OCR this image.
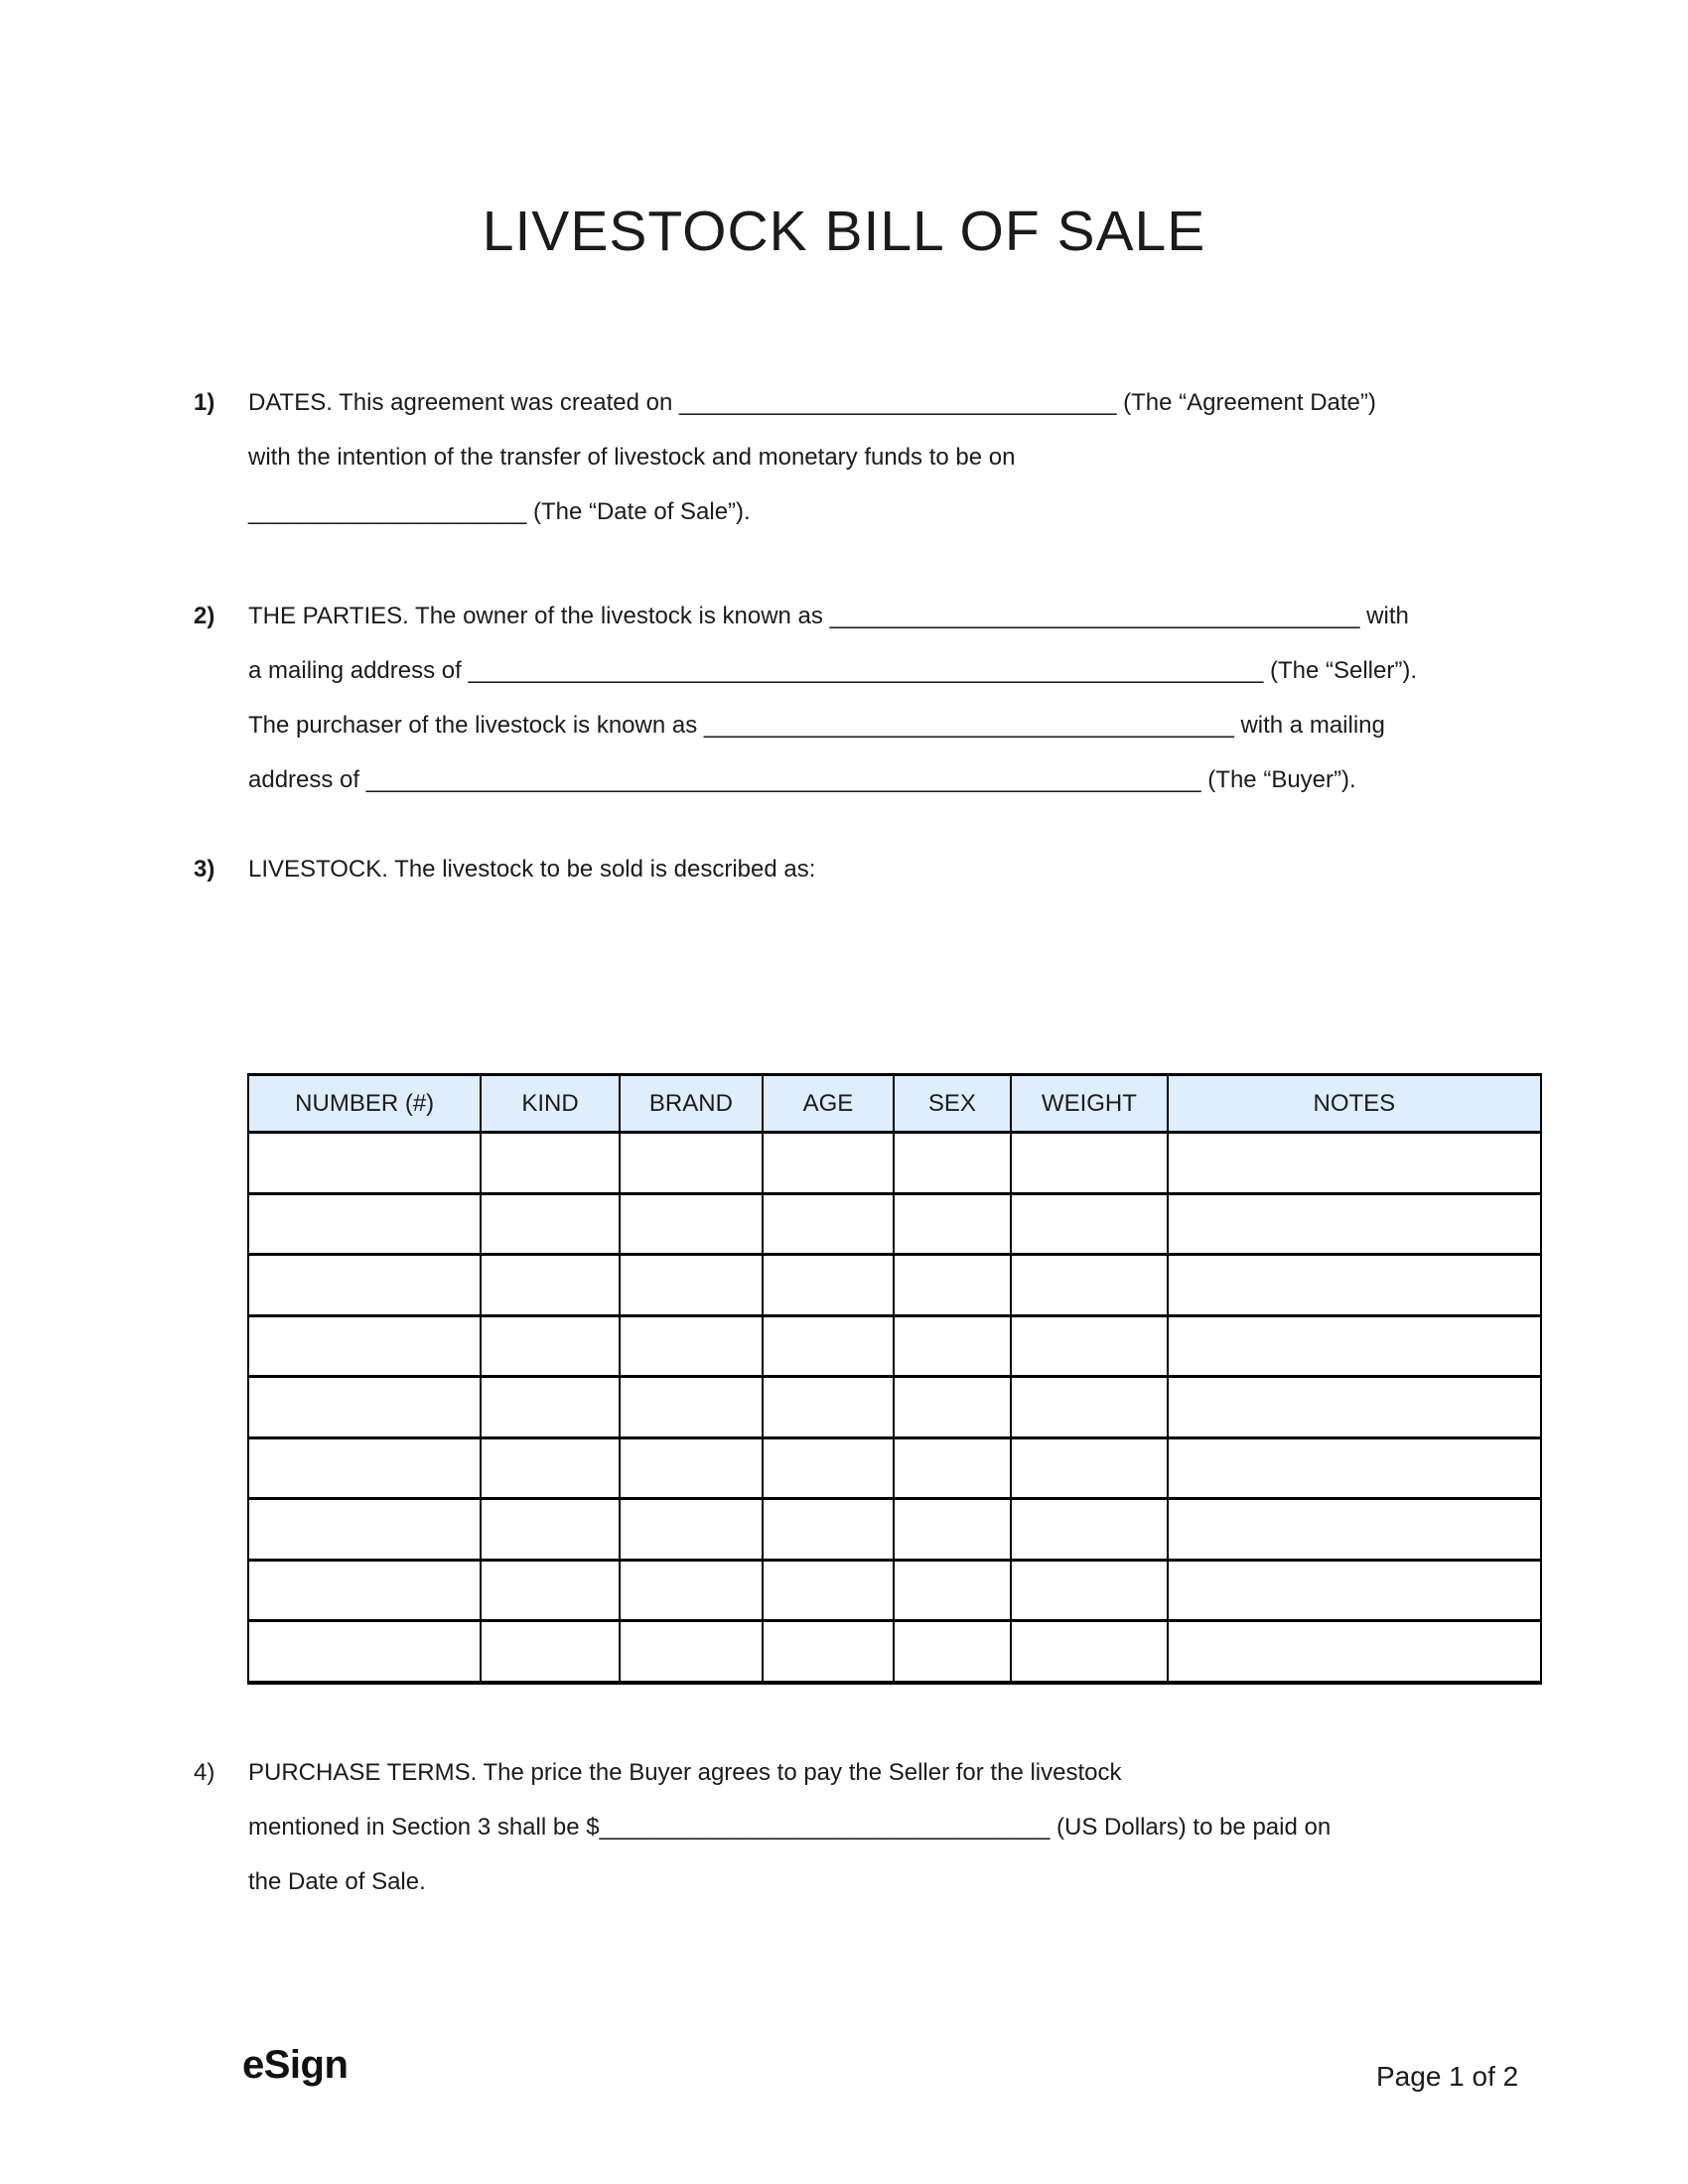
LIVESTOCK BILL OF SALE
1) DATES. This agreement was created on _________________________________ (The “Agreement Date”)
with the intention of the transfer of livestock and monetary funds to be on
_____________________ (The “Date of Sale”).
2) THE PARTIES. The owner of the livestock is known as ________________________________________ with
a mailing address of ____________________________________________________________ (The “Seller”).
The purchaser of the livestock is known as ________________________________________ with a mailing
address of _______________________________________________________________ (The “Buyer”).
3) LIVESTOCK. The livestock to be sold is described as:
NUMBER (#)	KIND	BRAND	AGE	SEX	WEIGHT	NOTES

4) PURCHASE TERMS. The price the Buyer agrees to pay the Seller for the livestock
mentioned in Section 3 shall be $__________________________________ (US Dollars) to be paid on
the Date of Sale.
eSign	Page 1 of 2
